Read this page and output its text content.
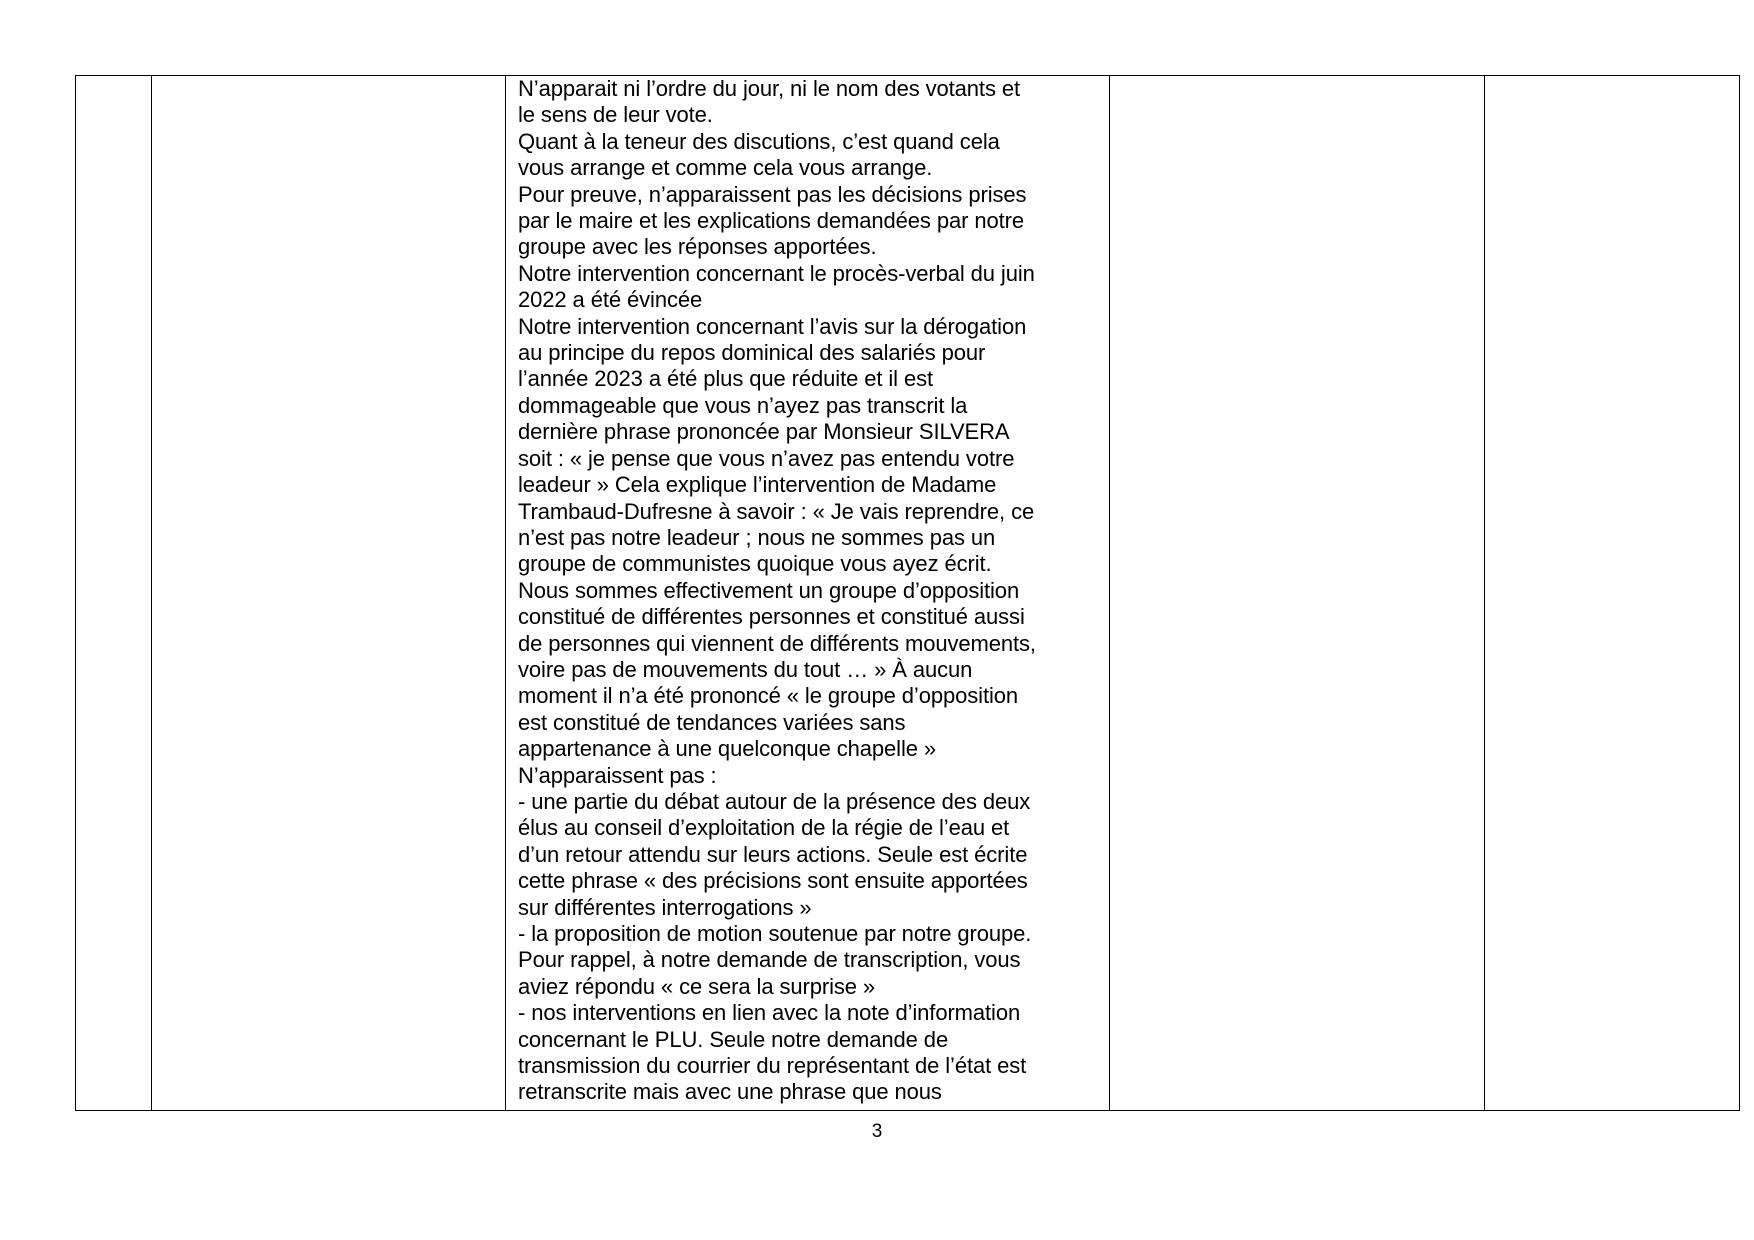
N’apparait ni l’ordre du jour, ni le nom des votants et
le sens de leur vote.
Quant à la teneur des discutions, c’est quand cela
vous arrange et comme cela vous arrange.
Pour preuve, n’apparaissent pas les décisions prises
par le maire et les explications demandées par notre
groupe avec les réponses apportées.
Notre intervention concernant le procès-verbal du juin
2022 a été évincée
Notre intervention concernant l’avis sur la dérogation
au principe du repos dominical des salariés pour
l’année 2023 a été plus que réduite et il est
dommageable que vous n’ayez pas transcrit la
dernière phrase prononcée par Monsieur SILVERA
soit : « je pense que vous n’avez pas entendu votre
leadeur » Cela explique l’intervention de Madame
Trambaud-Dufresne à savoir : « Je vais reprendre, ce
n’est pas notre leadeur ; nous ne sommes pas un
groupe de communistes quoique vous ayez écrit.
Nous sommes effectivement un groupe d’opposition
constitué de différentes personnes et constitué aussi
de personnes qui viennent de différents mouvements,
voire pas de mouvements du tout … » À aucun
moment il n’a été prononcé « le groupe d’opposition
est constitué de tendances variées sans
appartenance à une quelconque chapelle »
N’apparaissent pas :
- une partie du débat autour de la présence des deux
élus au conseil d’exploitation de la régie de l’eau et
d’un retour attendu sur leurs actions. Seule est écrite
cette phrase « des précisions sont ensuite apportées
sur différentes interrogations »
- la proposition de motion soutenue par notre groupe.
Pour rappel, à notre demande de transcription, vous
aviez répondu « ce sera la surprise »
- nos interventions en lien avec la note d’information
concernant le PLU. Seule notre demande de
transmission du courrier du représentant de l’état est
retranscrite mais avec une phrase que nous

3
